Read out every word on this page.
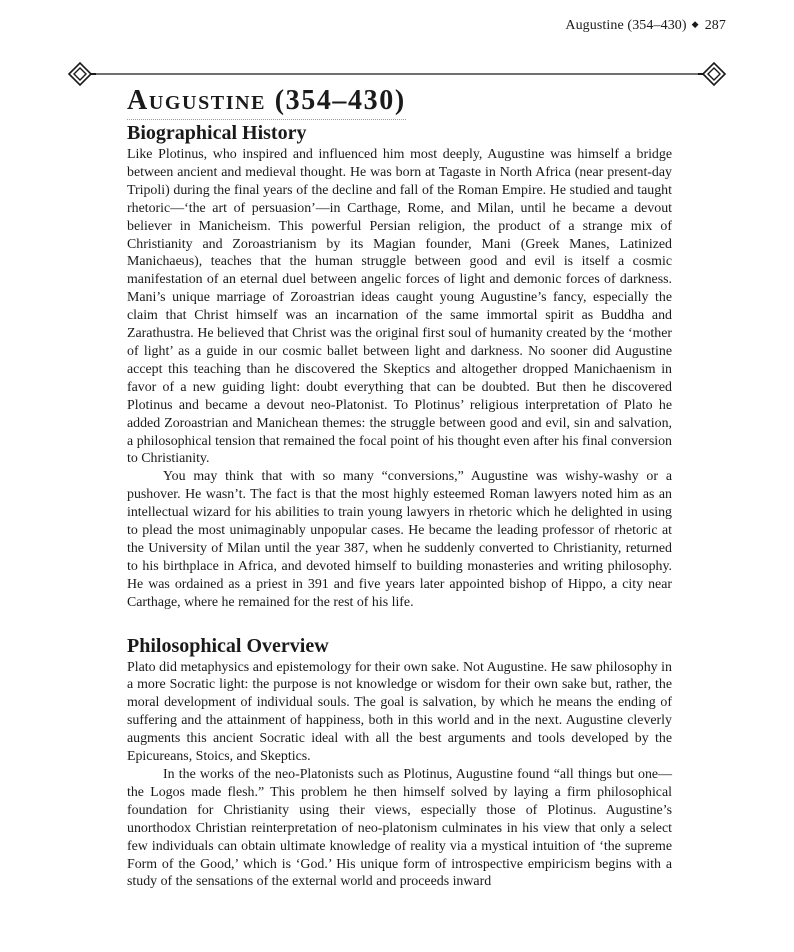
Augustine (354–430) ◆ 287
Augustine (354–430)
Biographical History

Like Plotinus, who inspired and influenced him most deeply, Augustine was himself a bridge between ancient and medieval thought. He was born at Tagaste in North Africa (near present-day Tripoli) during the final years of the decline and fall of the Roman Empire. He studied and taught rhetoric—‘the art of persuasion’—in Carthage, Rome, and Milan, until he became a devout believer in Manicheism. This powerful Persian religion, the product of a strange mix of Christianity and Zoroastrianism by its Magian founder, Mani (Greek Manes, Latinized Manichaeus), teaches that the human struggle between good and evil is itself a cosmic manifestation of an eternal duel between angelic forces of light and demonic forces of darkness. Mani’s unique marriage of Zoroastrian ideas caught young Augustine’s fancy, especially the claim that Christ himself was an incarnation of the same immortal spirit as Buddha and Zarathustra. He believed that Christ was the original first soul of humanity created by the ‘mother of light’ as a guide in our cosmic ballet between light and darkness. No sooner did Augustine accept this teaching than he discovered the Skeptics and altogether dropped Manichaenism in favor of a new guiding light: doubt everything that can be doubted. But then he discovered Plotinus and became a devout neo-Platonist. To Plotinus’ religious interpretation of Plato he added Zoroastrian and Manichean themes: the struggle between good and evil, sin and salvation, a philosophical tension that remained the focal point of his thought even after his final conversion to Christianity.

You may think that with so many “conversions,” Augustine was wishy-washy or a pushover. He wasn’t. The fact is that the most highly esteemed Roman lawyers noted him as an intellectual wizard for his abilities to train young lawyers in rhetoric which he delighted in using to plead the most unimaginably unpopular cases. He became the leading professor of rhetoric at the University of Milan until the year 387, when he suddenly converted to Christianity, returned to his birthplace in Africa, and devoted himself to building monasteries and writing philosophy. He was ordained as a priest in 391 and five years later appointed bishop of Hippo, a city near Carthage, where he remained for the rest of his life.

Philosophical Overview

Plato did metaphysics and epistemology for their own sake. Not Augustine. He saw philosophy in a more Socratic light: the purpose is not knowledge or wisdom for their own sake but, rather, the moral development of individual souls. The goal is salvation, by which he means the ending of suffering and the attainment of happiness, both in this world and in the next. Augustine cleverly augments this ancient Socratic ideal with all the best arguments and tools developed by the Epicureans, Stoics, and Skeptics.

In the works of the neo-Platonists such as Plotinus, Augustine found “all things but one—the Logos made flesh.” This problem he then himself solved by laying a firm philosophical foundation for Christianity using their views, especially those of Plotinus. Augustine’s unorthodox Christian reinterpretation of neo-platonism culminates in his view that only a select few individuals can obtain ultimate knowledge of reality via a mystical intuition of ‘the supreme Form of the Good,’ which is ‘God.’ His unique form of introspective empiricism begins with a study of the sensations of the external world and proceeds inward
